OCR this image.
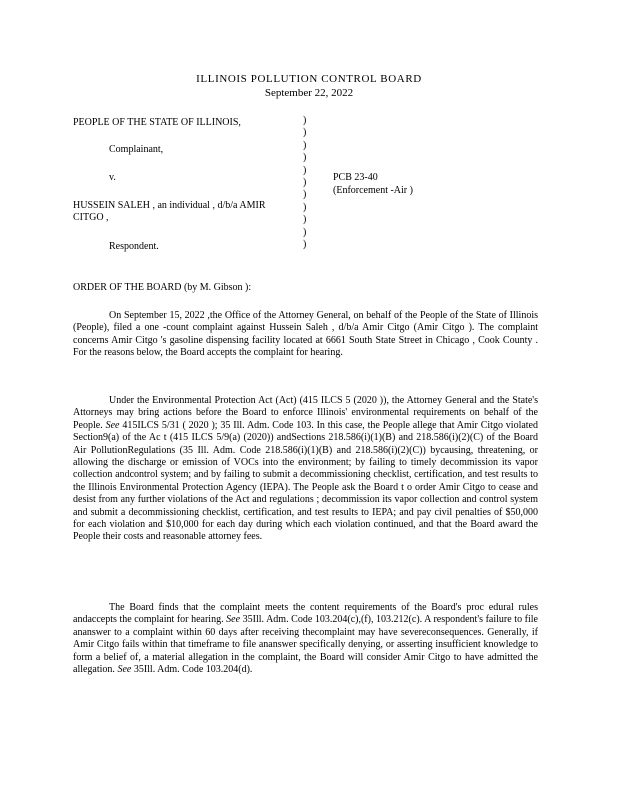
ILLINOIS POLLUTION CONTROL BOARD
September 22, 2022
PEOPLE OF THE STATE OF ILLINOIS,
Complainant,
v.
HUSSEIN SALEH , an individual , d/b/a AMIR
CITGO ,
Respondent.
PCB 23-40
(Enforcement -Air )
)
)
)
)
)
)
)
)
)
)
)
ORDER OF THE BOARD (by M. Gibson ):
On September 15, 2022 ,the Office of the Attorney General, on behalf of the People of the State of Illinois (People), filed a one -count complaint against Hussein Saleh , d/b/a Amir Citgo (Amir Citgo ). The complaint concerns Amir Citgo 's gasoline dispensing facility located at 6661 South State Street in Chicago , Cook County . For the reasons below, the Board accepts the complaint for hearing.
Under the Environmental Protection Act (Act) (415 ILCS 5 (2020 )), the Attorney General and the State's Attorneys may bring actions before the Board to enforce Illinois' environmental requirements on behalf of the People. See 415ILCS 5/31 ( 2020 ); 35 Ill. Adm. Code 103. In this case, the People allege that Amir Citgo violated Section9(a) of the Ac t (415 ILCS 5/9(a) (2020)) andSections 218.586(i)(1)(B) and 218.586(i)(2)(C) of the Board Air PollutionRegulations (35 Ill. Adm. Code 218.586(i)(1)(B) and 218.586(i)(2)(C)) bycausing, threatening, or allowing the discharge or emission of VOCs into the environment; by failing to timely decommission its vapor collection andcontrol system; and by failing to submit a decommissioning checklist, certification, and test results to the Illinois Environmental Protection Agency (IEPA). The People ask the Board t o order Amir Citgo to cease and desist from any further violations of the Act and regulations ; decommission its vapor collection and control system and submit a decommissioning checklist, certification, and test results to IEPA; and pay civil penalties of $50,000 for each violation and $10,000 for each day during which each violation continued, and that the Board award the People their costs and reasonable attorney fees.
The Board finds that the complaint meets the content requirements of the Board's proc edural rules andaccepts the complaint for hearing. See 35Ill. Adm. Code 103.204(c),(f), 103.212(c). A respondent's failure to file ananswer to a complaint within 60 days after receiving thecomplaint may have severeconsequences. Generally, if Amir Citgo fails within that timeframe to file ananswer specifically denying, or asserting insufficient knowledge to form a belief of, a material allegation in the complaint, the Board will consider Amir Citgo to have admitted the allegation. See 35Ill. Adm. Code 103.204(d).
